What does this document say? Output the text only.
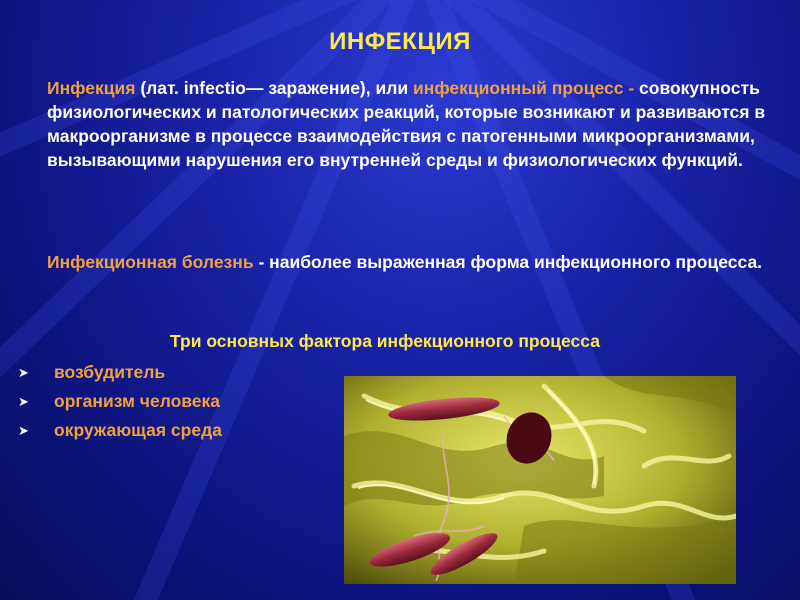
ИНФЕКЦИЯ
Инфекция (лат. infectio— заражение), или инфекционный процесс - совокупность физиологических и патологических реакций, которые возникают и развиваются в макроорганизме в процессе взаимодействия с патогенными микроорганизмами, вызывающими нарушения его внутренней среды и физиологических функций.
Инфекционная болезнь - наиболее выраженная форма инфекционного процесса.
Три основных фактора инфекционного процесса
➤ возбудитель
➤ организм человека
➤ окружающая среда
